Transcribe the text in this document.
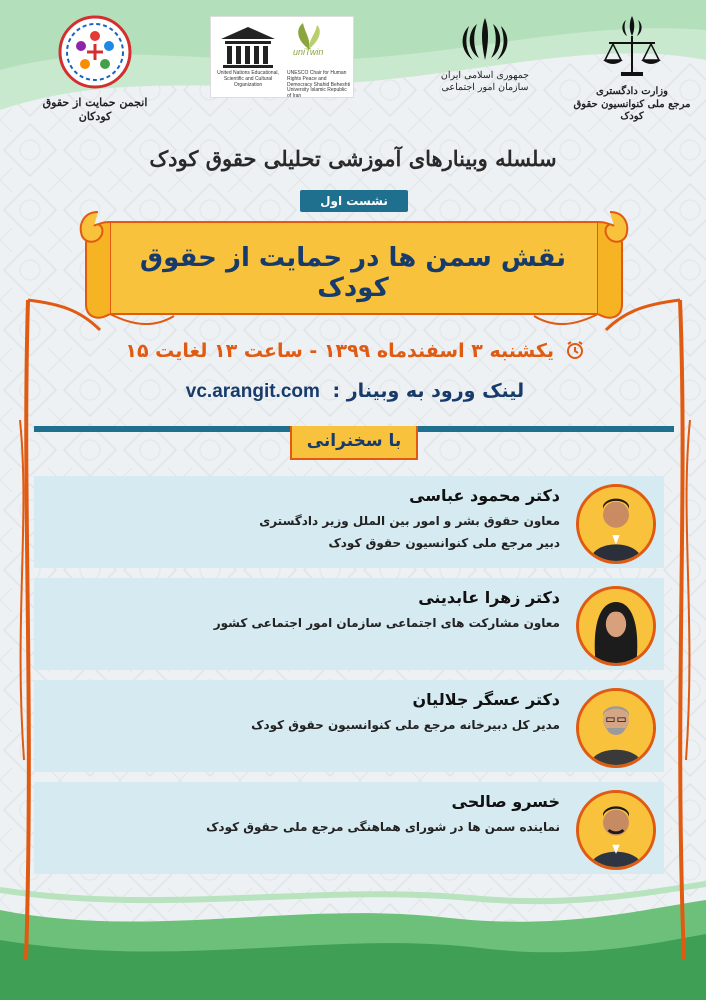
انجمن حمایت از حقوق کودکان
uniTwin
United Nations Educational, Scientific and Cultural Organization
UNESCO Chair for Human Rights Peace and Democracy Shahid Beheshti University Islamic Republic of Iran
جمهوری اسلامی ایران
سازمان امور اجتماعی	وزارت دادگستری
مرجع ملی کنوانسیون حقوق کودک
سلسله وبینارهای آموزشی تحلیلی حقوق کودک
نشست اول
نقش سمن ها در حمایت از حقوق کودک
یکشنبه ۳ اسفندماه ۱۳۹۹ - ساعت ۱۳ لغایت ۱۵
لینک ورود به وبینار : vc.arangit.com
با سخنرانی
دکتر محمود عباسی
معاون حقوق بشر و امور بین الملل وزیر دادگستری
دبیر مرجع ملی کنوانسیون حقوق کودک
دکتر زهرا عابدینی
معاون مشارکت های اجتماعی سازمان امور اجتماعی کشور
دکتر عسگر جلالیان
مدیر کل دبیرخانه مرجع ملی کنوانسیون حقوق کودک
خسرو صالحی
نماینده سمن ها در شورای هماهنگی مرجع ملی حقوق کودک
